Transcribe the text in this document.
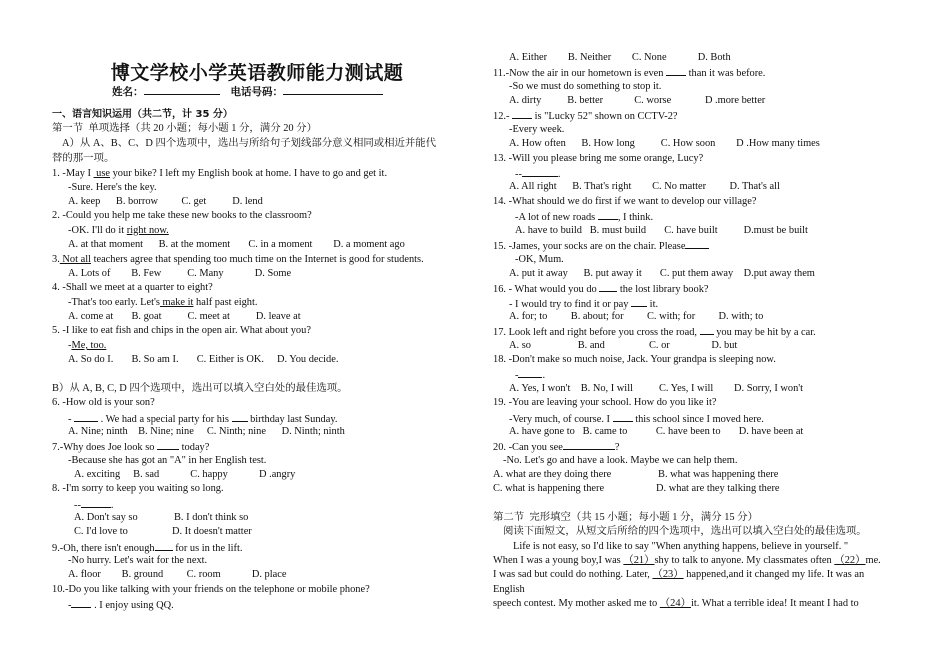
博文学校小学英语教师能力测试题
姓名：	电话号码：
一、语言知识运用（共二节，计 35 分）
第一节  单项选择（共 20 小题；每小题 1 分，满分 20 分）
A）从 A、B、C、D 四个选项中，选出与所给句子划线部分意义相同或相近并能代
替的那一项。
1. -May I  use your bike? I left my English book at home. I have to go and get it.
-Sure. Here's the key.
A. keep      B. borrow         C. get          D. lend
2. -Could you help me take these new books to the classroom?
-OK. I'll do it right now.
A. at that moment      B. at the moment       C. in a moment        D. a moment ago
3. Not all teachers agree that spending too much time on the Internet is good for students.
A. Lots of        B. Few          C. Many            D. Some
4. -Shall we meet at a quarter to eight?
-That's too early. Let's make it half past eight.
A. come at       B. goat          C. meet at          D. leave at
5. -I like to eat fish and chips in the open air. What about you?
-Me, too.
A. So do I.       B. So am I.       C. Either is OK.     D. You decide.
B）从 A, B, C, D 四个选项中，选出可以填入空白处的最佳选项。
6. -How old is your son?
-  . We had a special party for his  birthday last Sunday.
A. Nine; ninth    B. Nine; nine     C. Ninth; nine      D. Ninth; ninth
7.-Why does Joe look so  today?
-Because she has got an "A" in her English test.
A. exciting     B. sad            C. happy            D .angry
8. -I'm sorry to keep you waiting so long.
--	.
A. Don't say so              B. I don't think so
C. I'd love to                 D. It doesn't matter
9.-Oh, there isn't enough for us in the lift.
-No hurry. Let's wait for the next.
A. floor        B. ground         C. room            D. place
10.-Do you like talking with your friends on the telephone or mobile phone?
- . I enjoy using QQ.
A. Either        B. Neither        C. None            D. Both
11.-Now the air in our hometown is even  than it was before.
-So we must do something to stop it.
A. dirty          B. better            C. worse             D .more better
12.-  is "Lucky 52" shown on CCTV-2?
-Every week.
A. How often      B. How long          C. How soon        D .How many times
13. -Will you please bring me some orange, Lucy?
--	.
A. All right      B. That's right        C. No matter         D. That's all
14. -What should we do first if we want to develop our village?
-A lot of new roads , I think.
A. have to build   B. must build       C. have built          D.must be built
15. -James, your socks are on the chair. Please
-OK, Mum.
A. put it away      B. put away it       C. put them away    D.put away them
16. - What would you do  the lost library book?
- I would try to find it or pay  it.
A. for; to         B. about; for         C. with; for         D. with; to
17. Look left and right before you cross the road,  you may be hit by a car.
A. so                  B. and                 C. or                D. but
18. -Don't make so much noise, Jack. Your grandpa is sleeping now.
- .
A. Yes, I won't    B. No, I will          C. Yes, I will        D. Sorry, I won't
19. -You are leaving your school. How do you like it?
-Very much, of course. I  this school since I moved here.
A. have gone to   B. came to           C. have been to       D. have been at
20. -Can you see	?
-No. Let's go and have a look. Maybe we can help them.
A. what are they doing there                  B. what was happening there
C. what is happening there                    D. what are they talking there
第二节  完形填空（共 15 小题；每小题 1 分，满分 15 分）
阅读下面短文，从短文后所给的四个选项中，选出可以填入空白处的最佳选项。
Life is not easy, so I'd like to say "When anything happens, believe in yourself. "
When I was a young boy,I was （21）shy to talk to anyone. My classmates often （22）me.
I was sad but could do nothing. Later, （23） happened,and it changed my life. It was an
English
speech contest. My mother asked me to （24）it. What a terrible idea! It meant I had to
